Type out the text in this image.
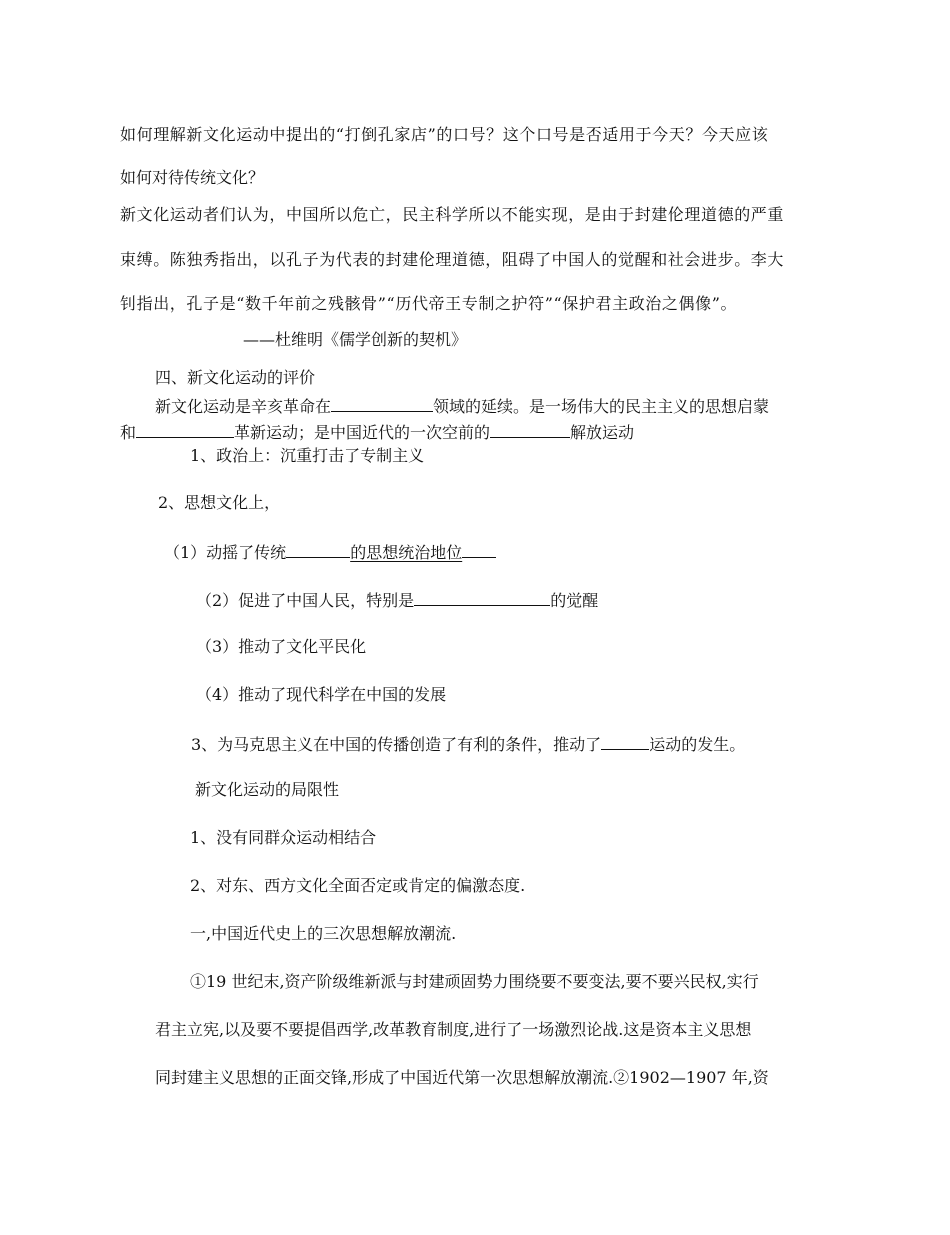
如何理解新文化运动中提出的“打倒孔家店”的口号？这个口号是否适用于今天？今天应该
如何对待传统文化？
新文化运动者们认为，中国所以危亡，民主科学所以不能实现，是由于封建伦理道德的严重
束缚。陈独秀指出，以孔子为代表的封建伦理道德，阻碍了中国人的觉醒和社会进步。李大
钊指出，孔子是“数千年前之残骸骨”“历代帝王专制之护符”“保护君主政治之偶像”。
——杜维明《儒学创新的契机》
四、新文化运动的评价
新文化运动是辛亥革命在	领域的延续。是一场伟大的民主主义的思想启蒙
和	革新运动；是中国近代的一次空前的	解放运动
1、政治上：沉重打击了专制主义
2、思想文化上，
（1）动摇了传统	的思想统治地位
（2）促进了中国人民，特别是	的觉醒
（3）推动了文化平民化
（4）推动了现代科学在中国的发展
3、为马克思主义在中国的传播创造了有利的条件，推动了	运动的发生。
新文化运动的局限性
1、没有同群众运动相结合
2、对东、西方文化全面否定或肯定的偏激态度.
一,中国近代史上的三次思想解放潮流.
①19 世纪末,资产阶级维新派与封建顽固势力围绕要不要变法,要不要兴民权,实行
君主立宪,以及要不要提倡西学,改革教育制度,进行了一场激烈论战.这是资本主义思想
同封建主义思想的正面交锋,形成了中国近代第一次思想解放潮流.②1902—1907 年,资
